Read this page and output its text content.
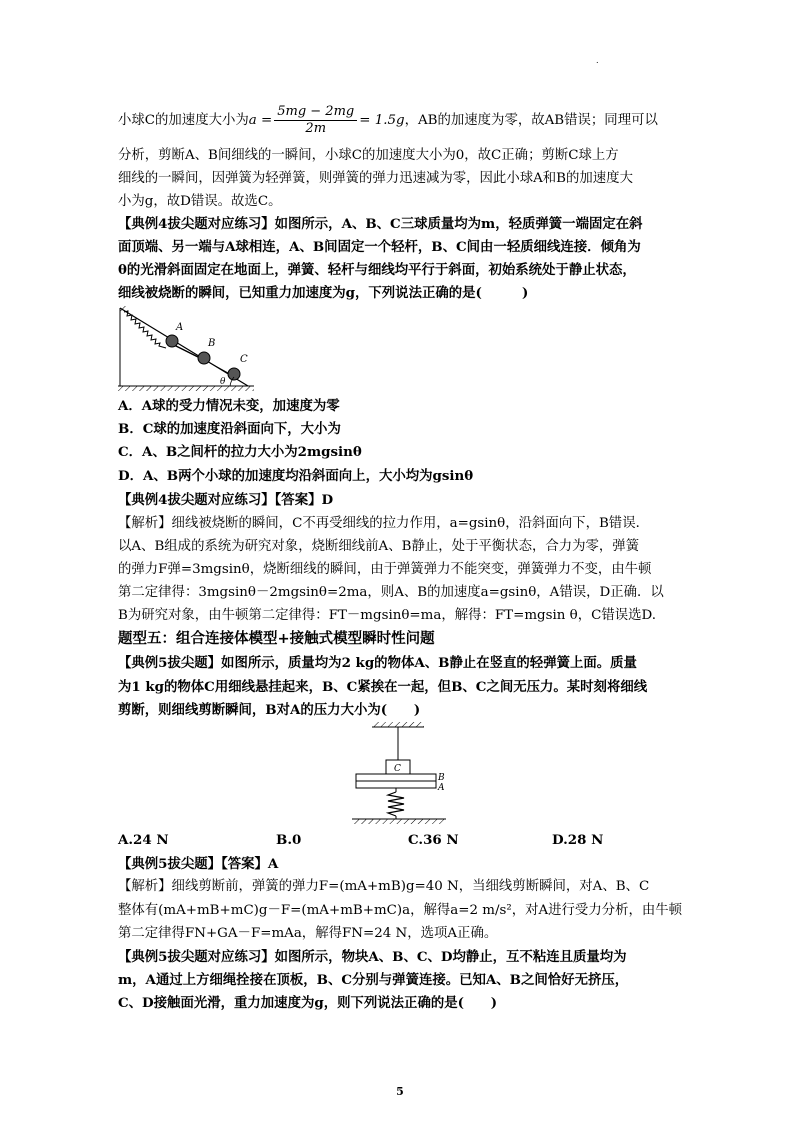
.
小球C的加速度大小为$a = \frac{5mg - 2mg}{2m} = 1.5g$，AB的加速度为零，故AB错误；同理可以
分析，剪断A、B间细线的一瞬间，小球C的加速度大小为0，故C正确；剪断C球上方
细线的一瞬间，因弹簧为轻弹簧，则弹簧的弹力迅速减为零，因此小球A和B的加速度大
小为g，故D错误。故选C。
【典例4拔尖题对应练习】如图所示，A、B、C三球质量均为m，轻质弹簧一端固定在斜
面顶端、另一端与A球相连，A、B间固定一个轻杆，B、C间由一轻质细线连接．倾角为
θ的光滑斜面固定在地面上，弹簧、轻杆与细线均平行于斜面，初始系统处于静止状态，
细线被烧断的瞬间，已知重力加速度为g，下列说法正确的是(　　　)
A
B
C
θ
A．A球的受力情况未变，加速度为零
B．C球的加速度沿斜面向下，大小为
C．A、B之间杆的拉力大小为2mgsinθ
D．A、B两个小球的加速度均沿斜面向上，大小均为gsinθ
【典例4拔尖题对应练习】【答案】D
【解析】细线被烧断的瞬间，C不再受细线的拉力作用，a=gsinθ，沿斜面向下，B错误．
以A、B组成的系统为研究对象，烧断细线前A、B静止，处于平衡状态，合力为零，弹簧
的弹力F弹=3mgsinθ，烧断细线的瞬间，由于弹簧弹力不能突变，弹簧弹力不变，由牛顿
第二定律得：3mgsinθ－2mgsinθ=2ma，则A、B的加速度a=gsinθ，A错误，D正确．以
B为研究对象，由牛顿第二定律得：FT－mgsinθ=ma，解得：FT=mgsin θ，C错误选D.
题型五：组合连接体模型+接触式模型瞬时性问题
【典例5拔尖题】如图所示，质量均为2 kg的物体A、B静止在竖直的轻弹簧上面。质量
为1 kg的物体C用细线悬挂起来，B、C紧挨在一起，但B、C之间无压力。某时刻将细线
剪断，则细线剪断瞬间，B对A的压力大小为(　　)
C
B
A
A.24 N	B.0	C.36 N	D.28 N
【典例5拔尖题】【答案】A
【解析】细线剪断前，弹簧的弹力F=(mA+mB)g=40 N，当细线剪断瞬间，对A、B、C
整体有(mA+mB+mC)g－F=(mA+mB+mC)a，解得a=2 m/s²，对A进行受力分析，由牛顿
第二定律得FN+GA－F=mAa，解得FN=24 N，选项A正确。
【典例5拔尖题对应练习】如图所示，物块A、B、C、D均静止，互不粘连且质量均为
m，A通过上方细绳拴接在顶板，B、C分别与弹簧连接。已知A、B之间恰好无挤压，
C、D接触面光滑，重力加速度为g，则下列说法正确的是(　　)
5
